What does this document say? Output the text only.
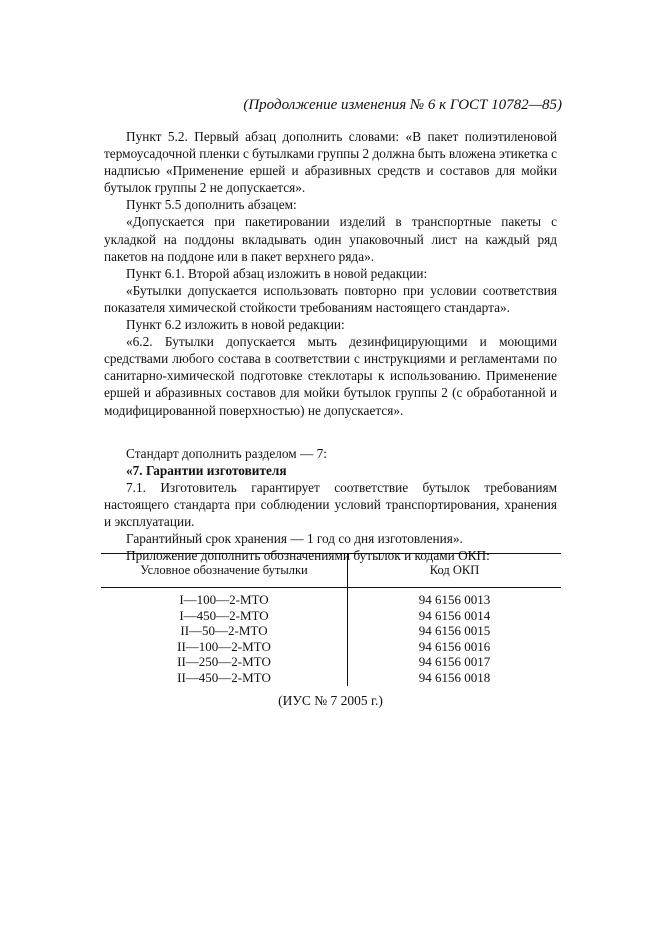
(Продолжение изменения № 6 к ГОСТ 10782—85)

Пункт 5.2. Первый абзац дополнить словами: «В пакет полиэтиленовой термоусадочной пленки с бутылками группы 2 должна быть вложена этикетка с надписью «Применение ершей и абразивных средств и составов для мойки бутылок группы 2 не допускается».

Пункт 5.5 дополнить абзацем:

«Допускается при пакетировании изделий в транспортные пакеты с укладкой на поддоны вкладывать один упаковочный лист на каждый ряд пакетов на поддоне или в пакет верхнего ряда».

Пункт 6.1. Второй абзац изложить в новой редакции:

«Бутылки допускается использовать повторно при условии соответствия показателя химической стойкости требованиям настоящего стандарта».

Пункт 6.2 изложить в новой редакции:

«6.2. Бутылки допускается мыть дезинфицирующими и моющими средствами любого состава в соответствии с инструкциями и регламентами по санитарно-химической подготовке стеклотары к использованию. Применение ершей и абразивных составов для мойки бутылок группы 2 (с обработанной и модифицированной поверхностью) не допускается».

Стандарт дополнить разделом — 7:

«7. Гарантии изготовителя

7.1. Изготовитель гарантирует соответствие бутылок требованиям настоящего стандарта при соблюдении условий транспортирования, хранения и эксплуатации.

Гарантийный срок хранения — 1 год со дня изготовления».

Приложение дополнить обозначениями бутылок и кодами ОКП:

Условное обозначение бутылки	Код ОКП
I—100—2-МТО	94 6156 0013
I—450—2-МТО	94 6156 0014
II—50—2-МТО	94 6156 0015
II—100—2-МТО	94 6156 0016
II—250—2-МТО	94 6156 0017
II—450—2-МТО	94 6156 0018
(ИУС № 7 2005 г.)
